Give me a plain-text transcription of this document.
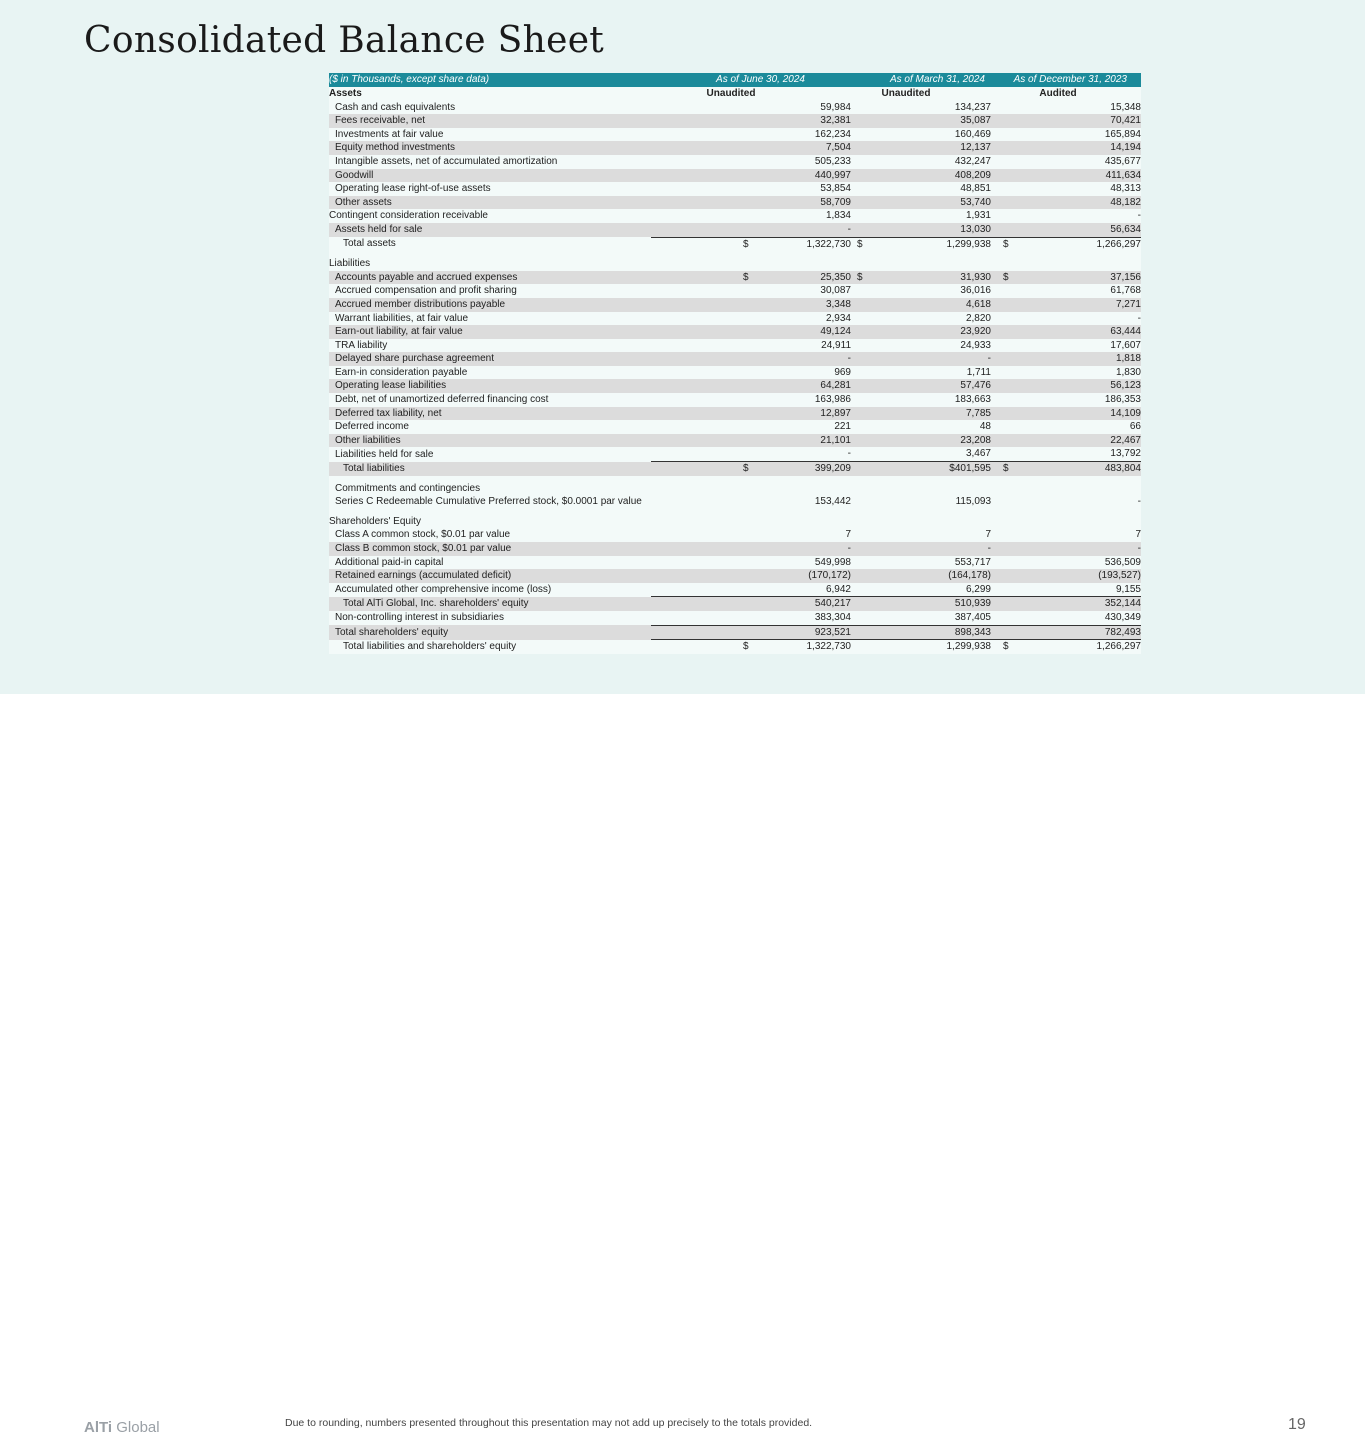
Consolidated Balance Sheet
($ in Thousands, except share data)	As of June 30, 2024		As of March 31, 2024		As of December 31, 2023	
Assets	Unaudited		Unaudited		Audited	
Cash and cash equivalents		59,984		134,237		15,348
Fees receivable, net		32,381		35,087		70,421
Investments at fair value		162,234		160,469		165,894
Equity method investments		7,504		12,137		14,194
Intangible assets, net of accumulated amortization		505,233		432,247		435,677
Goodwill		440,997		408,209		411,634
Operating lease right-of-use assets		53,854		48,851		48,313
Other assets		58,709		53,740		48,182
Contingent consideration receivable		1,834		1,931		-
Assets held for sale		-		13,030		56,634
Total assets	$	1,322,730	$	1,299,938	$	1,266,297

Liabilities						
Accounts payable and accrued expenses	$	25,350	$	31,930	$	37,156
Accrued compensation and profit sharing		30,087		36,016		61,768
Accrued member distributions payable		3,348		4,618		7,271
Warrant liabilities, at fair value		2,934		2,820		-
Earn-out liability, at fair value		49,124		23,920		63,444
TRA liability		24,911		24,933		17,607
Delayed share purchase agreement		-		-		1,818
Earn-in consideration payable		969		1,711		1,830
Operating lease liabilities		64,281		57,476		56,123
Debt, net of unamortized deferred financing cost		163,986		183,663		186,353
Deferred tax liability, net		12,897		7,785		14,109
Deferred income		221		48		66
Other liabilities		21,101		23,208		22,467
Liabilities held for sale		-		3,467		13,792
Total liabilities	$	399,209		$401,595	$	483,804

Commitments and contingencies						
Series C Redeemable Cumulative Preferred stock, $0.0001 par value		153,442		115,093		-

Shareholders' Equity						
Class A common stock, $0.01 par value		7		7		7
Class B common stock, $0.01 par value		-		-		-
Additional paid-in capital		549,998		553,717		536,509
Retained earnings (accumulated deficit)		(170,172)		(164,178)		(193,527)
Accumulated other comprehensive income (loss)		6,942		6,299		9,155
Total AlTi Global, Inc. shareholders' equity		540,217		510,939		352,144
Non-controlling interest in subsidiaries		383,304		387,405		430,349
Total shareholders' equity		923,521		898,343		782,493
Total liabilities and shareholders' equity	$	1,322,730		1,299,938	$	1,266,297
AlTi Global	Due to rounding, numbers presented throughout this presentation may not add up precisely to the totals provided.	19
